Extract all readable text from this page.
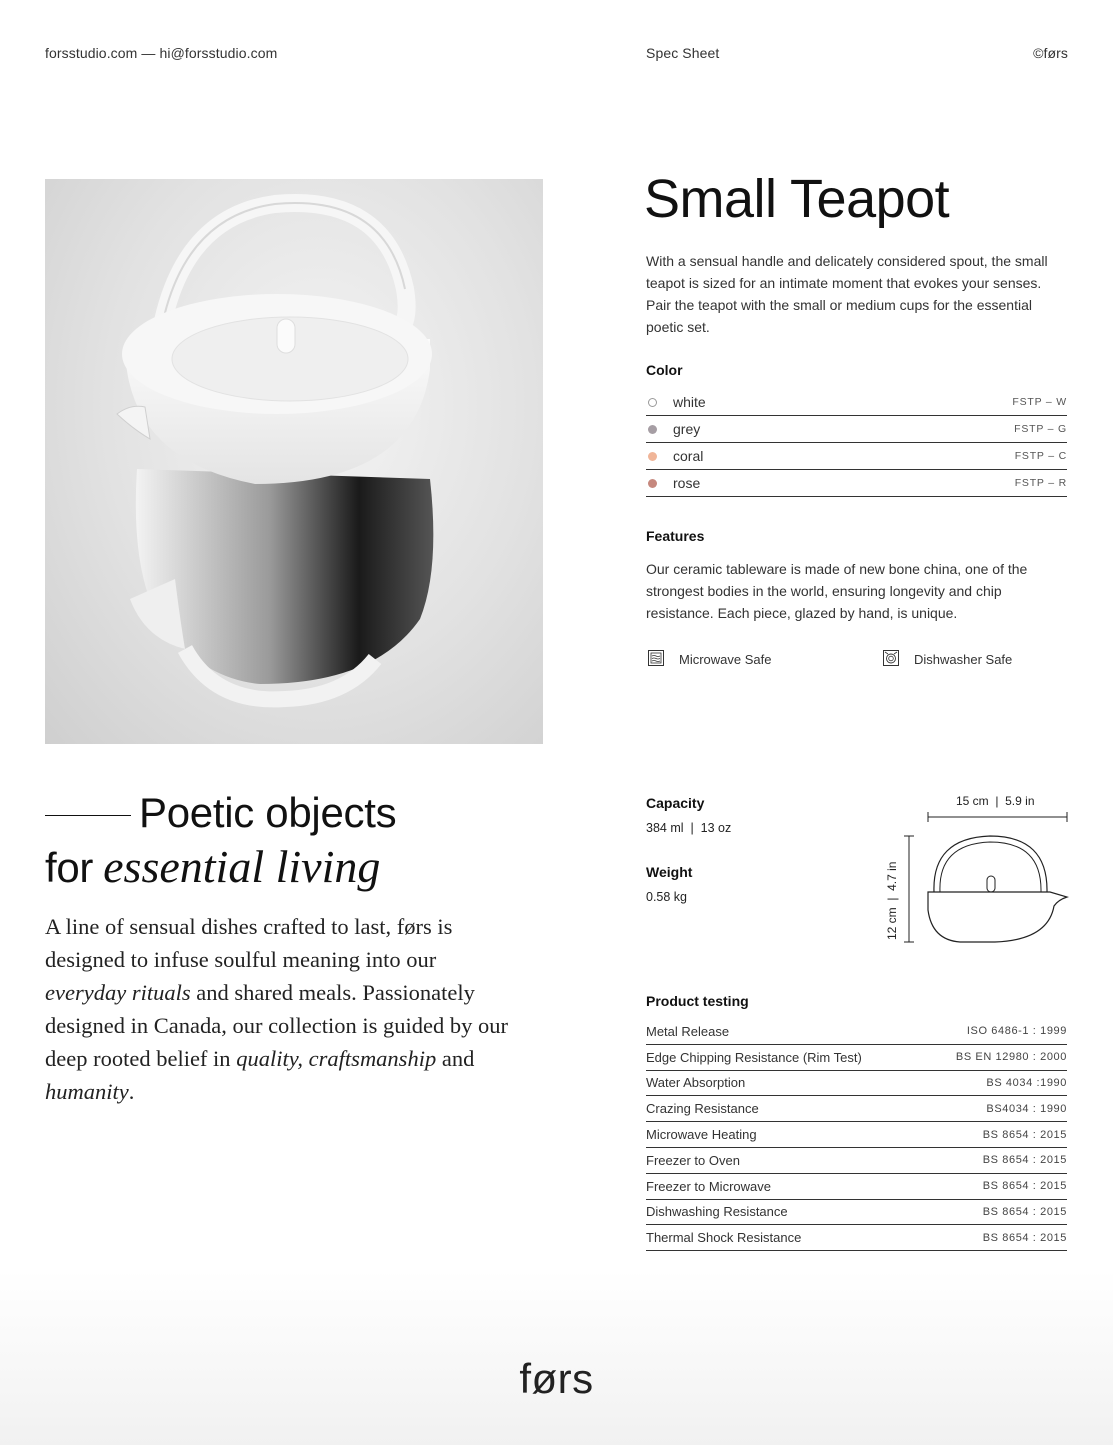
forsstudio.com — hi@forsstudio.com	Spec Sheet	©førs
Small Teapot
With a sensual handle and delicately considered spout, the small teapot is sized for an intimate moment that evokes your senses. Pair the teapot with the small or medium cups for the essential poetic set.
Color
white	FSTP – W
grey	FSTP – G
coral	FSTP – C
rose	FSTP – R
Features
Our ceramic tableware is made of new bone china, one of the strongest bodies in the world, ensuring longevity and chip resistance. Each piece, glazed by hand, is unique.
Microwave Safe	Dishwasher Safe
Poetic objects
for essential living
A line of sensual dishes crafted to last, førs is designed to infuse soulful meaning into our everyday rituals and shared meals. Passionately designed in Canada, our collection is guided by our deep rooted belief in quality, craftsmanship and humanity.
Capacity
384 ml  |  13 oz
Weight
0.58 kg
15 cm  |  5.9 in
12 cm  |  4.7 in
Product testing
Metal Release	ISO 6486-1 : 1999
Edge Chipping Resistance (Rim Test)	BS EN 12980 : 2000
Water Absorption	BS 4034 :1990
Crazing Resistance	BS4034 : 1990
Microwave Heating	BS 8654 : 2015
Freezer to Oven	BS 8654 : 2015
Freezer to Microwave	BS 8654 : 2015
Dishwashing Resistance	BS 8654 : 2015
Thermal Shock Resistance	BS 8654 : 2015
førs
